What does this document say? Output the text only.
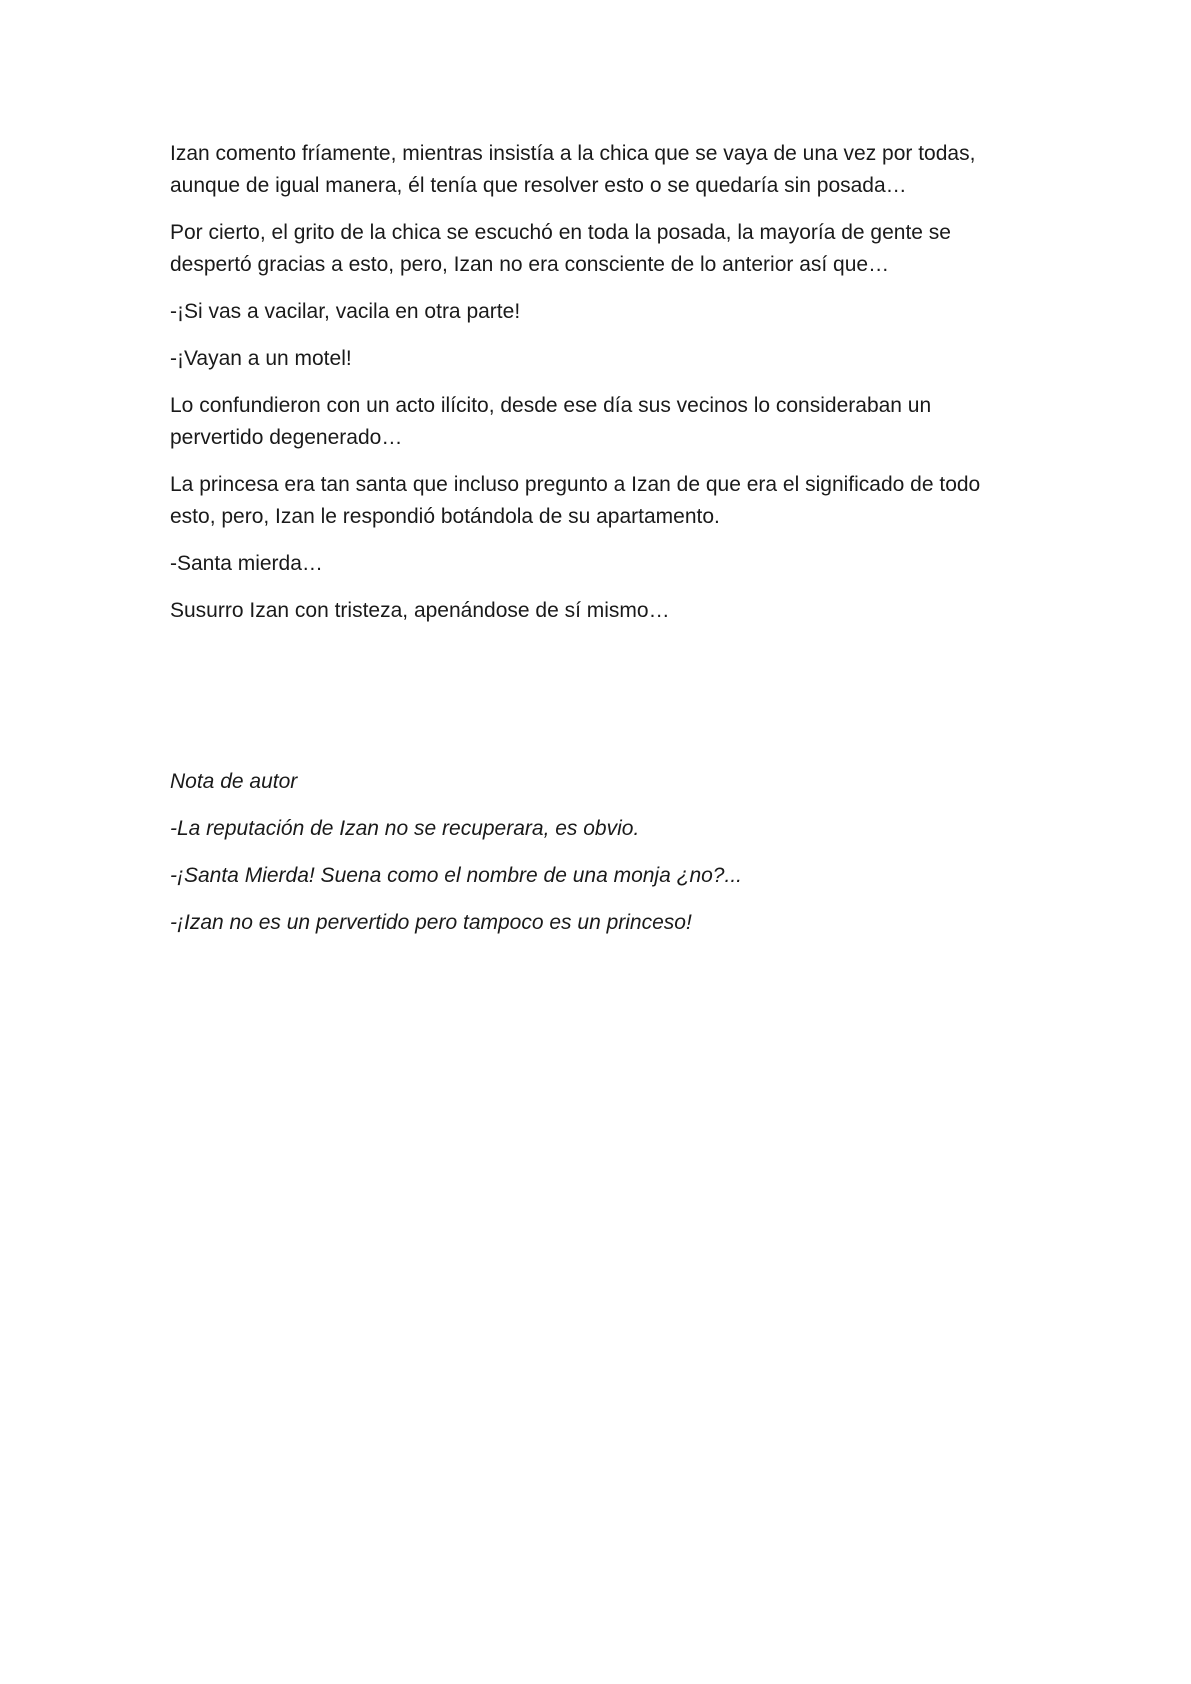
Izan comento fríamente, mientras insistía a la chica que se vaya de una vez por todas, aunque de igual manera, él tenía que resolver esto o se quedaría sin posada…

Por cierto, el grito de la chica se escuchó en toda la posada, la mayoría de gente se despertó gracias a esto, pero, Izan no era consciente de lo anterior así que…

-¡Si vas a vacilar, vacila en otra parte!

-¡Vayan a un motel!

Lo confundieron con un acto ilícito, desde ese día sus vecinos lo consideraban un pervertido degenerado…

La princesa era tan santa que incluso pregunto a Izan de que era el significado de todo esto, pero, Izan le respondió botándola de su apartamento.

-Santa mierda…

Susurro Izan con tristeza, apenándose de sí mismo…

Nota de autor

-La reputación de Izan no se recuperara, es obvio.

-¡Santa Mierda! Suena como el nombre de una monja ¿no?...

-¡Izan no es un pervertido pero tampoco es un princeso!
